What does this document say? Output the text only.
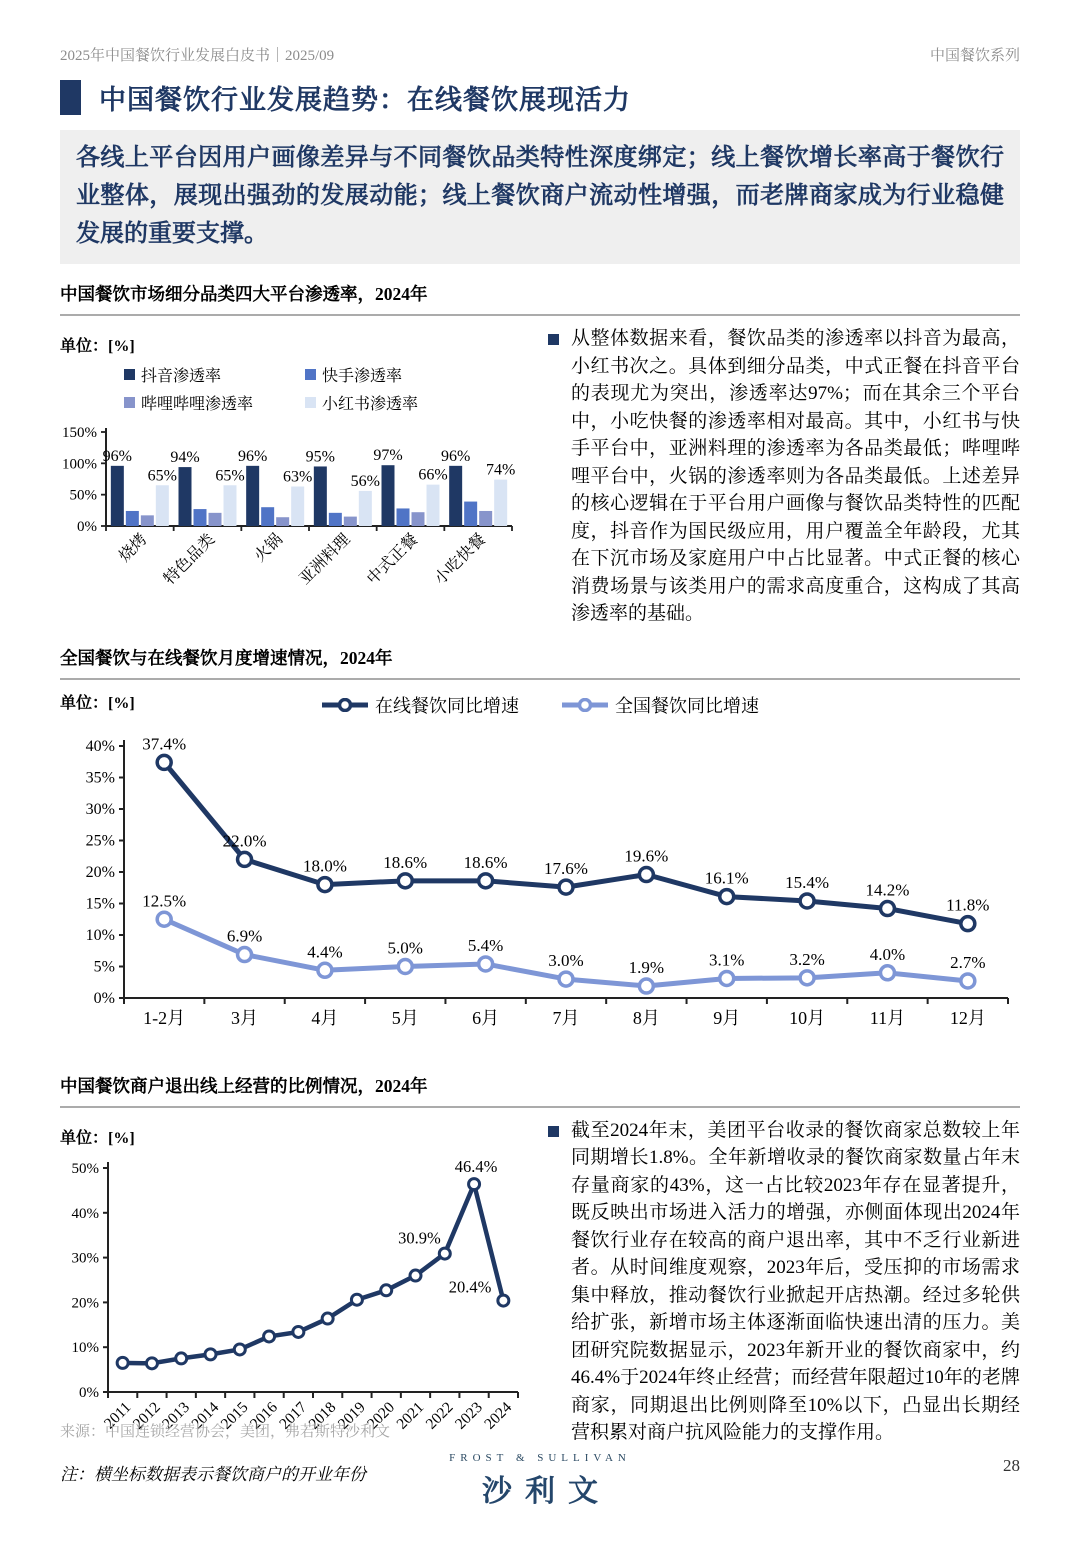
2025年中国餐饮行业发展白皮书｜2025/09	中国餐饮系列
中国餐饮行业发展趋势：在线餐饮展现活力
各线上平台因用户画像差异与不同餐饮品类特性深度绑定；线上餐饮增长率高于餐饮行业整体，展现出强劲的发展动能；线上餐饮商户流动性增强，而老牌商家成为行业稳健发展的重要支撑。
中国餐饮市场细分品类四大平台渗透率，2024年
单位：[%]
抖音渗透率	快手渗透率
哔哩哔哩渗透率	小红书渗透率
0%
50%
100%
150%
96%
65%
烧烤
94%
65%
特色品类
96%
63%
火锅
95%
56%
亚洲料理
97%
66%
中式正餐
96%
74%
小吃快餐

从整体数据来看，餐饮品类的渗透率以抖音为最高，小红书次之。具体到细分品类，中式正餐在抖音平台的表现尤为突出，渗透率达97%；而在其余三个平台中，小吃快餐的渗透率相对最高。其中，小红书与快手平台中，亚洲料理的渗透率为各品类最低；哔哩哔哩平台中，火锅的渗透率则为各品类最低。上述差异的核心逻辑在于平台用户画像与餐饮品类特性的匹配度，抖音作为国民级应用，用户覆盖全年龄段，尤其在下沉市场及家庭用户中占比显著。中式正餐的核心消费场景与该类用户的需求高度重合，这构成了其高渗透率的基础。

全国餐饮与在线餐饮月度增速情况，2024年
单位：[%]	在线餐饮同比增速	全国餐饮同比增速
0%
5%
10%
15%
20%
25%
30%
35%
40%
1-2月	3月	4月	5月	6月	7月	8月	9月	10月 11月 12月
37.4%
22.0%
18.0% 18.6% 18.6% 17.6%
19.6%
16.1% 15.4% 14.2%
11.8%
12.5%
6.9%
4.4%	5.0%	5.4%
3.0%	1.9%	3.1%	3.2%	4.0%	2.7%
中国餐饮商户退出线上经营的比例情况，2024年
单位：[%]
0%
10%
20%
30%
40%
50%
2011
2012
2013
2014
2015
2016
2017
2018
2019
2020
2021
2022
2023
2024
30.9%
46.4%
20.4%
注：横坐标数据表示餐饮商户的开业年份

截至2024年末，美团平台收录的餐饮商家总数较上年同期增长1.8%。全年新增收录的餐饮商家数量占年末存量商家的43%，这一占比较2023年存在显著提升，既反映出市场进入活力的增强，亦侧面体现出2024年餐饮行业存在较高的商户退出率，其中不乏行业新进者。从时间维度观察，2023年后，受压抑的市场需求集中释放，推动餐饮行业掀起开店热潮。经过多轮供给扩张，新增市场主体逐渐面临快速出清的压力。美团研究院数据显示，2023年新开业的餐饮商家中，约46.4%于2024年终止经营；而经营年限超过10年的老牌商家，同期退出比例则降至10%以下，凸显出长期经营积累对商户抗风险能力的支撑作用。

来源：中国连锁经营协会，美团，弗若斯特沙利文
FROST & SULLIVAN
沙利文
28
